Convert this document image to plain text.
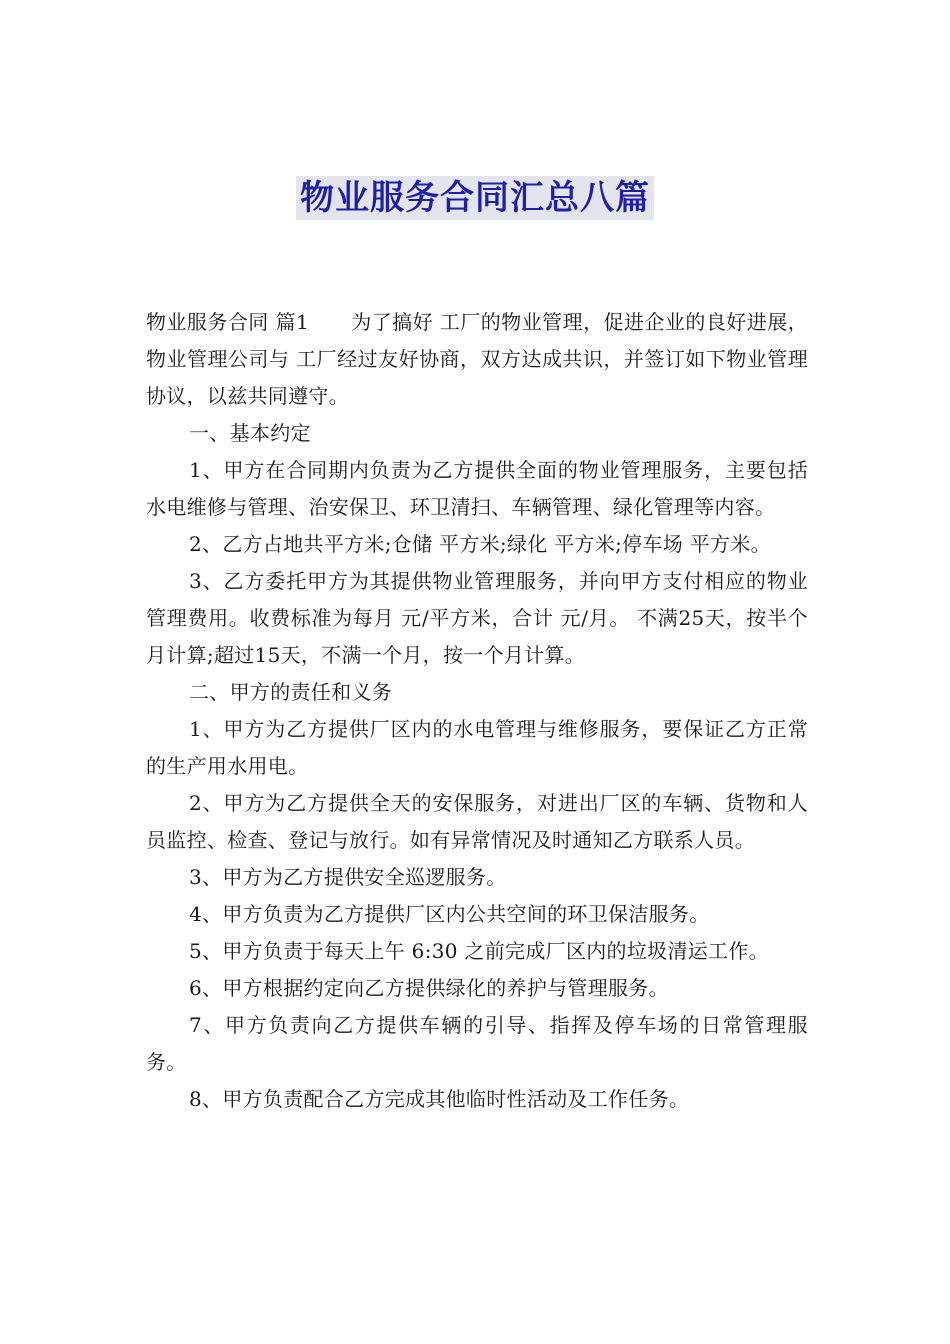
物业服务合同汇总八篇

物业服务合同 篇1 为了搞好 工厂的物业管理，促进企业的良好进展， 物业管理公司与 工厂经过友好协商，双方达成共识，并签订如下物业管理协议，以兹共同遵守。

一、基本约定

1、甲方在合同期内负责为乙方提供全面的物业管理服务，主要包括水电维修与管理、治安保卫、环卫清扫、车辆管理、绿化管理等内容。

2、乙方占地共平方米;仓储 平方米;绿化 平方米;停车场 平方米。

3、乙方委托甲方为其提供物业管理服务，并向甲方支付相应的物业管理费用。收费标准为每月 元/平方米，合计 元/月。 不满25天，按半个月计算;超过15天，不满一个月，按一个月计算。

二、甲方的责任和义务

1、甲方为乙方提供厂区内的水电管理与维修服务，要保证乙方正常的生产用水用电。

2、甲方为乙方提供全天的安保服务，对进出厂区的车辆、货物和人员监控、检查、登记与放行。如有异常情况及时通知乙方联系人员。

3、甲方为乙方提供安全巡逻服务。

4、甲方负责为乙方提供厂区内公共空间的环卫保洁服务。

5、甲方负责于每天上午 6:30 之前完成厂区内的垃圾清运工作。

6、甲方根据约定向乙方提供绿化的养护与管理服务。

7、甲方负责向乙方提供车辆的引导、指挥及停车场的日常管理服务。

8、甲方负责配合乙方完成其他临时性活动及工作任务。
